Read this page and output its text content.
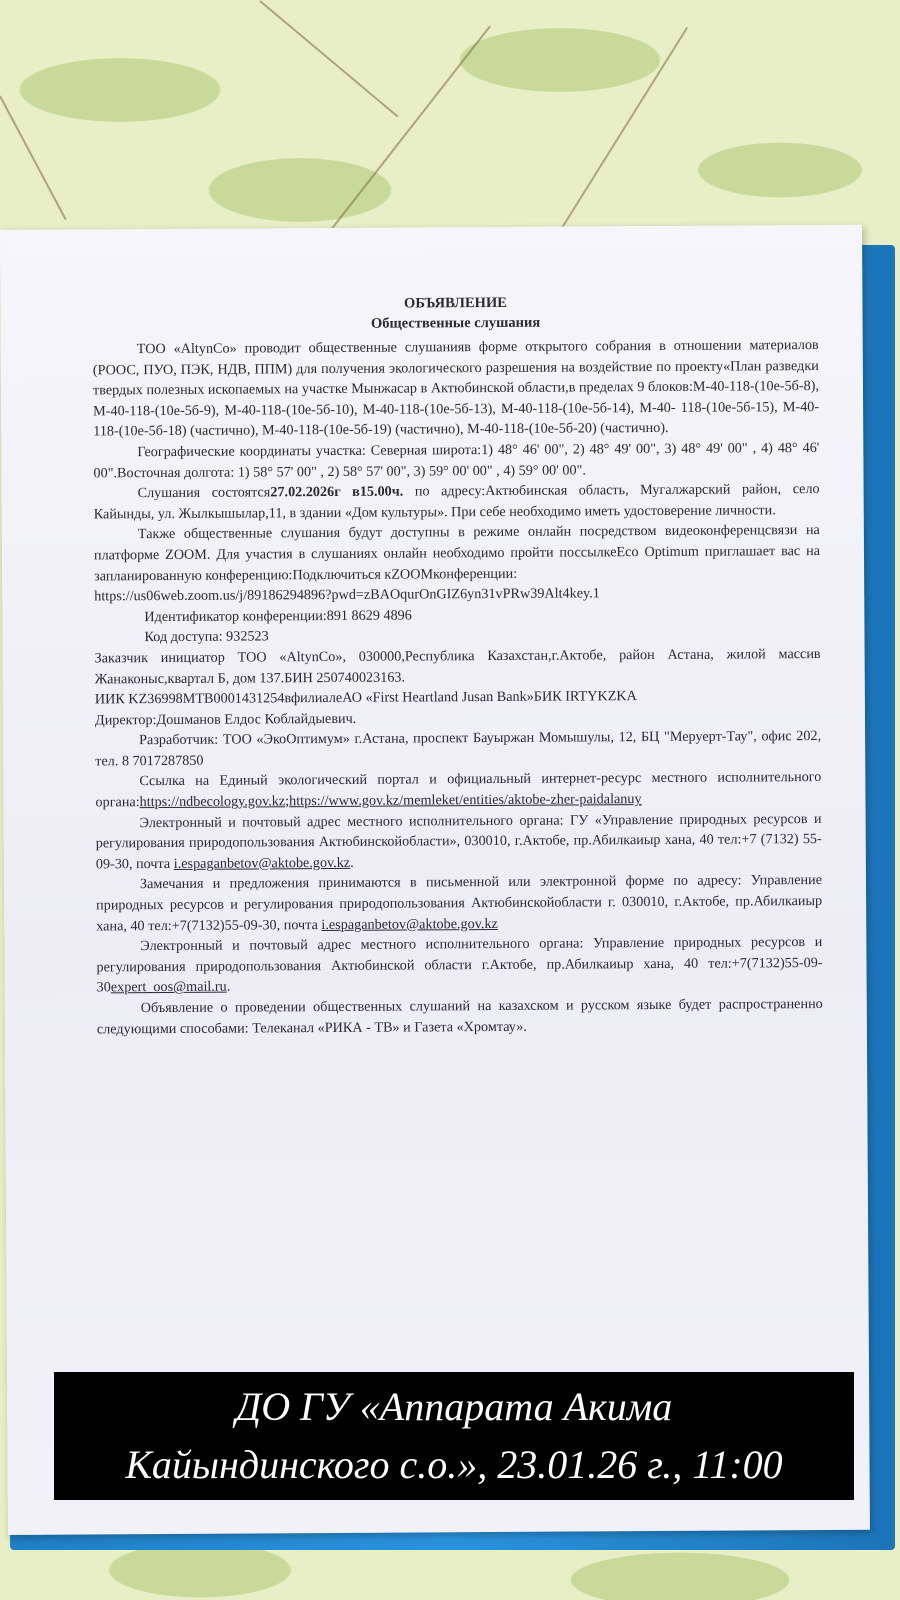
ОБЪЯВЛЕНИЕ
Общественные слушания

ТОО «AltynCo» проводит общественные слушанияв форме открытого собрания в отношении материалов (РООС, ПУО, ПЭК, НДВ, ППМ) для получения экологического разрешения на воздействие по проекту«План разведки твердых полезных ископаемых на участке Мынжасар в Актюбинской области,в пределах 9 блоков:М-40-118-(10е-5б-8), М-40-118-(10е-5б-9), М-40-118-(10е-5б-10), М-40-118-(10е-5б-13), М-40-118-(10е-5б-14), М-40- 118-(10е-5б-15), М-40-118-(10е-5б-18) (частично), М-40-118-(10е-5б-19) (частично), М-40-118-(10е-5б-20) (частично).

Географические координаты участка: Северная широта:1) 48° 46' 00", 2) 48° 49' 00", 3) 48° 49' 00" , 4) 48° 46' 00".Восточная долгота: 1) 58° 57' 00" , 2) 58° 57' 00", 3) 59° 00' 00" , 4) 59° 00' 00".

Слушания состоятся27.02.2026г в15.00ч. по адресу:Актюбинская область, Мугалжарский район, село Кайынды, ул. Жылкышылар,11, в здании «Дом культуры». При себе необходимо иметь удостоверение личности.

Также общественные слушания будут доступны в режиме онлайн посредством видеоконференцсвязи на платформе ZOOM. Для участия в слушаниях онлайн необходимо пройти поссылкеEco Optimum приглашает вас на запланированную конференцию:Подключиться кZOOMконференции:

https://us06web.zoom.us/j/89186294896?pwd=zBAOqurOnGIZ6yn31vPRw39Alt4key.1

Идентификатор конференции:891 8629 4896

Код доступа: 932523

Заказчик инициатор ТОО «AltynCo», 030000,Республика Казахстан,г.Актобе, район Астана, жилой массив Жанаконыс,квартал Б, дом 137.БИН 250740023163.

ИИК KZ36998MTB0001431254вфилиалеАО «First Heartland Jusan Bank»БИК IRTYKZKA

Директор:Дошманов Елдос Коблайдыевич.

Разработчик: ТОО «ЭкоОптимум» г.Астана, проспект Бауыржан Момышулы, 12, БЦ "Меруерт-Тау", офис 202, тел. 8 7017287850

Ссылка на Единый экологический портал и официальный интернет-ресурс местного исполнительного органа:https://ndbecology.gov.kz;https://www.gov.kz/memleket/entities/aktobe-zher-paidalanuy

Электронный и почтовый адрес местного исполнительного органа: ГУ «Управление природных ресурсов и регулирования природопользования Актюбинскойобласти», 030010, г.Актобе, пр.Абилкаиыр хана, 40 тел:+7 (7132) 55-09-30, почта i.espaganbetov@aktobe.gov.kz.

Замечания и предложения принимаются в письменной или электронной форме по адресу: Управление природных ресурсов и регулирования природопользования Актюбинскойобласти г. 030010, г.Актобе, пр.Абилкаиыр хана, 40 тел:+7(7132)55-09-30, почта i.espaganbetov@aktobe.gov.kz

Электронный и почтовый адрес местного исполнительного органа: Управление природных ресурсов и регулирования природопользования Актюбинской области г.Актобе, пр.Абилкаиыр хана, 40 тел:+7(7132)55-09-30expert_oos@mail.ru.

Объявление о проведении общественных слушаний на казахском и русском языке будет распространенно следующими способами: Телеканал «РИКА - ТВ» и Газета «Хромтау».

ДО ГУ «Аппарата Акима
Кайындинского с.о.», 23.01.26 г., 11:00
